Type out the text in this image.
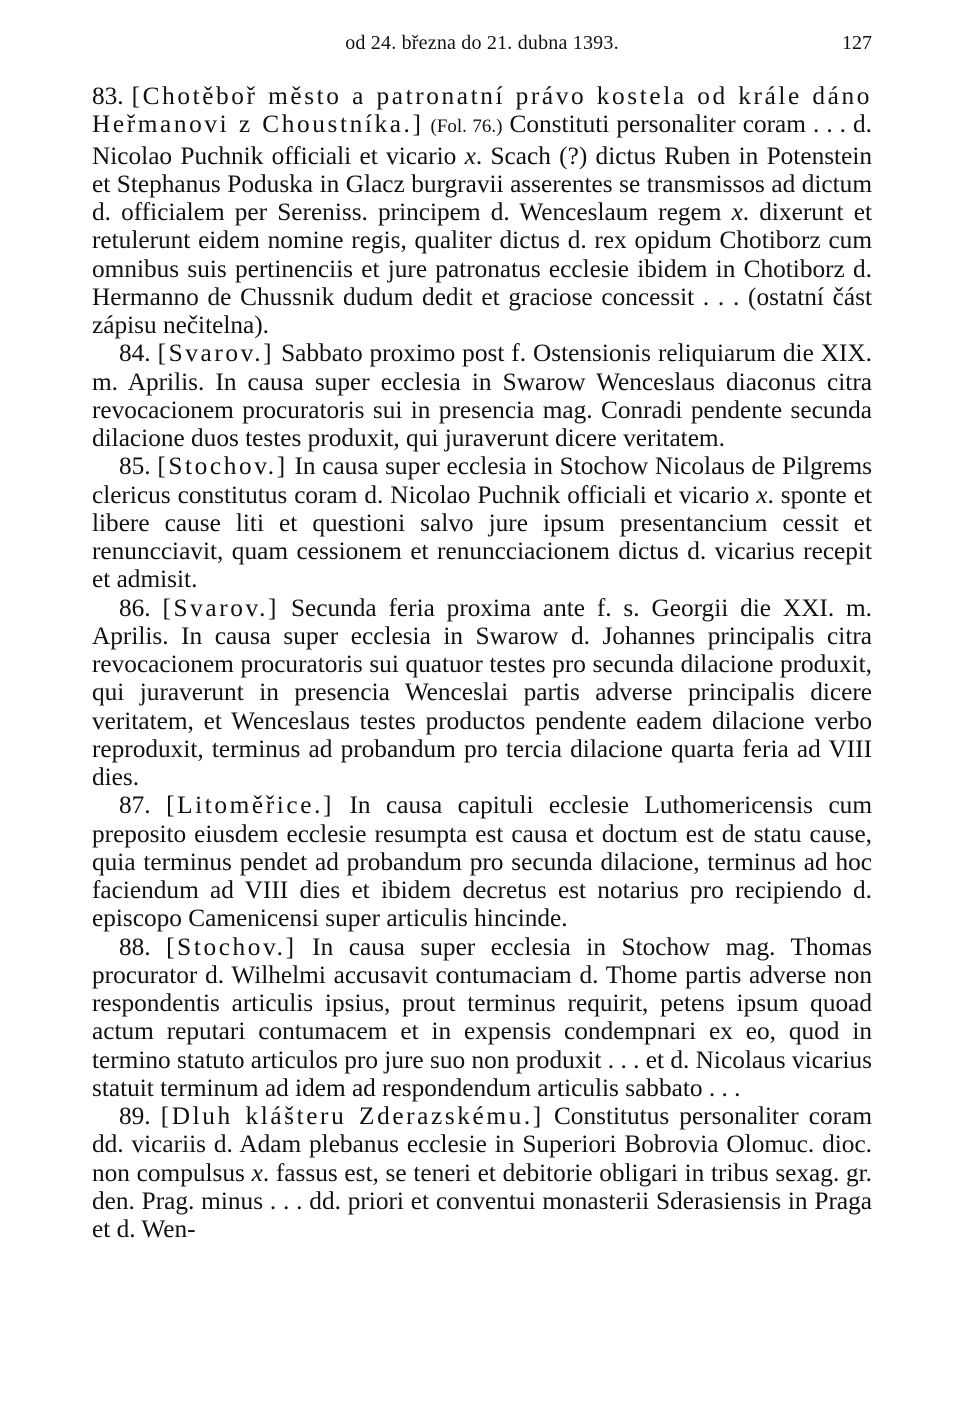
od 24. března do 21. dubna 1393.	127

83. [Chotěboř město a patronatní právo kostela od krále dáno Heřmanovi z Choustníka.] (Fol. 76.) Constituti personaliter coram . . . d. Nicolao Puchnik officiali et vicario x. Scach (?) dictus Ruben in Potenstein et Stephanus Poduska in Glacz burgravii asserentes se transmissos ad dictum d. officialem per Sereniss. principem d. Wenceslaum regem x. dixerunt et retulerunt eidem nomine regis, qualiter dictus d. rex opidum Chotiborz cum omnibus suis pertinenciis et jure patronatus ecclesie ibidem in Chotiborz d. Hermanno de Chussnik dudum dedit et graciose concessit . . . (ostatní část zápisu nečitelna).

84. [Svarov.] Sabbato proximo post f. Ostensionis reliquiarum die XIX. m. Aprilis. In causa super ecclesia in Swarow Wenceslaus diaconus citra revocacionem procuratoris sui in presencia mag. Conradi pendente secunda dilacione duos testes produxit, qui juraverunt dicere veritatem.

85. [Stochov.] In causa super ecclesia in Stochow Nicolaus de Pilgrems clericus constitutus coram d. Nicolao Puchnik officiali et vicario x. sponte et libere cause liti et questioni salvo jure ipsum presentancium cessit et renuncciavit, quam cessionem et renuncciacionem dictus d. vicarius recepit et admisit.

86. [Svarov.] Secunda feria proxima ante f. s. Georgii die XXI. m. Aprilis. In causa super ecclesia in Swarow d. Johannes principalis citra revocacionem procuratoris sui quatuor testes pro secunda dilacione produxit, qui juraverunt in presencia Wenceslai partis adverse principalis dicere veritatem, et Wenceslaus testes productos pendente eadem dilacione verbo reproduxit, terminus ad probandum pro tercia dilacione quarta feria ad VIII dies.

87. [Litoměřice.] In causa capituli ecclesie Luthomericensis cum preposito eiusdem ecclesie resumpta est causa et doctum est de statu cause, quia terminus pendet ad probandum pro secunda dilacione, terminus ad hoc faciendum ad VIII dies et ibidem decretus est notarius pro recipiendo d. episcopo Camenicensi super articulis hincinde.

88. [Stochov.] In causa super ecclesia in Stochow mag. Thomas procurator d. Wilhelmi accusavit contumaciam d. Thome partis adverse non respondentis articulis ipsius, prout terminus requirit, petens ipsum quoad actum reputari contumacem et in expensis condempnari ex eo, quod in termino statuto articulos pro jure suo non produxit . . . et d. Nicolaus vicarius statuit terminum ad idem ad respondendum articulis sabbato . . .

89. [Dluh klášteru Zderazskému.] Constitutus personaliter coram dd. vicariis d. Adam plebanus ecclesie in Superiori Bobrovia Olomuc. dioc. non compulsus x. fassus est, se teneri et debitorie obligari in tribus sexag. gr. den. Prag. minus . . . dd. priori et conventui monasterii Sderasiensis in Praga et d. Wen-
